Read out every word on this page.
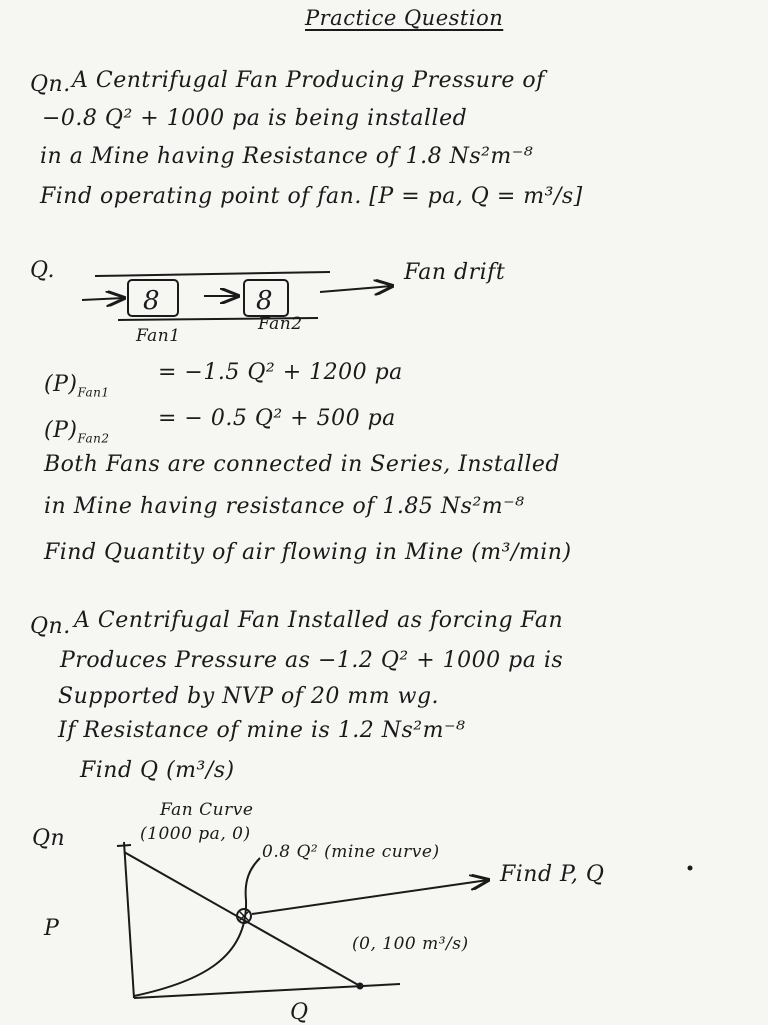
Practice Question
Qn. A Centrifugal Fan Producing Pressure of
−0.8 Q² + 1000 pa is being installed
in a Mine having Resistance of 1.8 Ns²m⁻⁸
Find operating point of fan. [P = pa, Q = m³/s]
Q.	Fan drift
Fan1
Fan2
$(P)_{Fan1}$
= −1.5 Q² + 1200 pa
$(P)_{Fan2}$
= − 0.5 Q² + 500 pa
Both Fans are connected in Series, Installed
in Mine having resistance of 1.85 Ns²m⁻⁸
Find Quantity of air flowing in Mine (m³/min)
Qn. A Centrifugal Fan Installed as forcing Fan
Produces Pressure as −1.2 Q² + 1000 pa is
Supported by NVP of 20 mm wg.
If Resistance of mine is 1.2 Ns²m⁻⁸
Find Q (m³/s)
Qn
Fan Curve
(1000 pa, 0)
0.8 Q² (mine curve)
Find P, Q
(0, 100 m³/s)
P
Q
8	8
